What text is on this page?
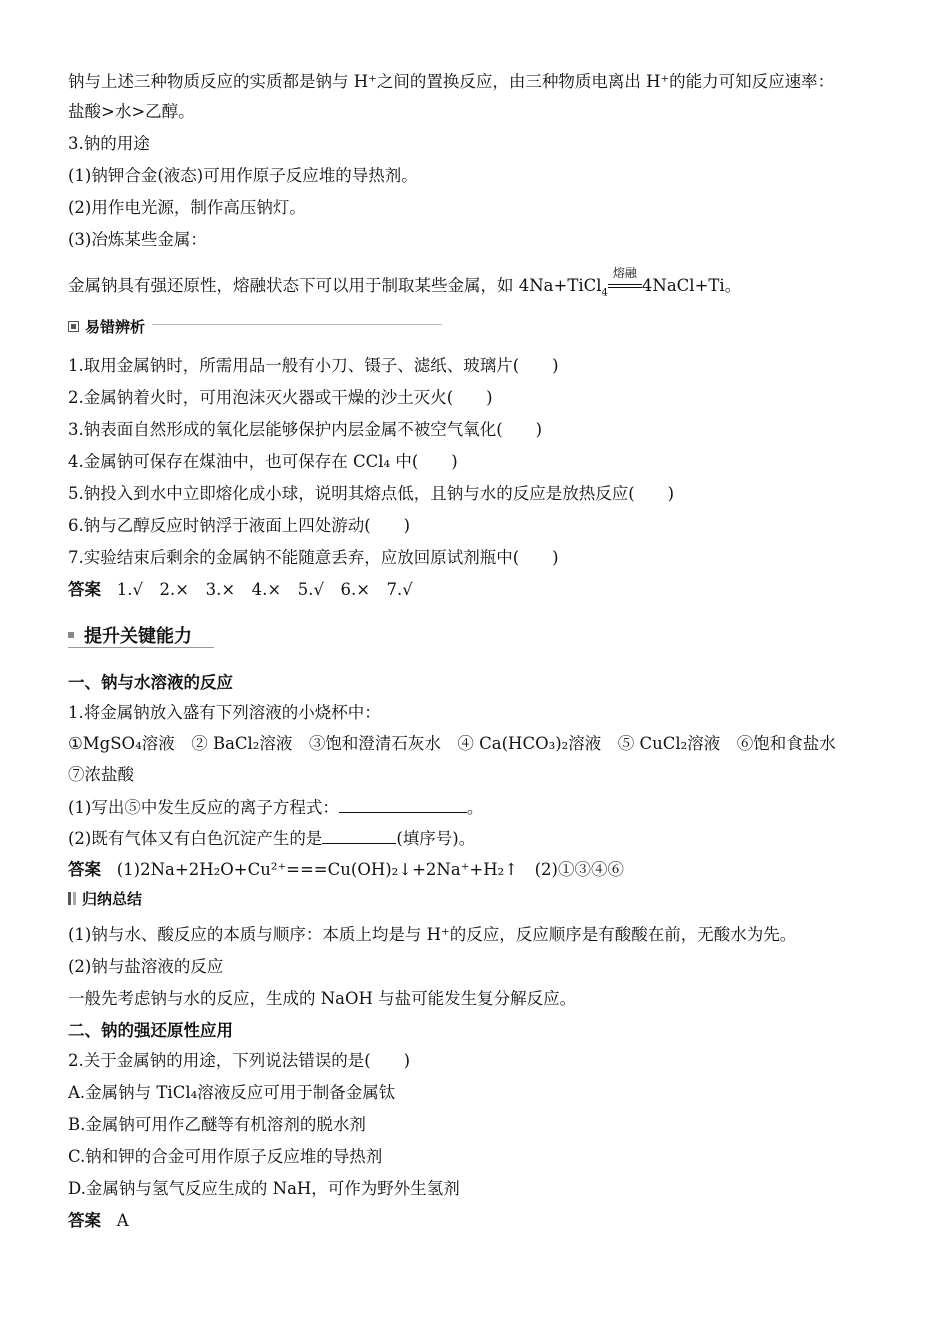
钠与上述三种物质反应的实质都是钠与 H⁺之间的置换反应，由三种物质电离出 H⁺的能力可知反应速率：
盐酸>水>乙醇。
3.钠的用途
(1)钠钾合金(液态)可用作原子反应堆的导热剂。
(2)用作电光源，制作高压钠灯。
(3)冶炼某些金属：
金属钠具有强还原性，熔融状态下可以用于制取某些金属，如 4Na+TiCl$_4$
熔融
4NaCl+Ti。
易错辨析
1.取用金属钠时，所需用品一般有小刀、镊子、滤纸、玻璃片(　　)
2.金属钠着火时，可用泡沫灭火器或干燥的沙土灭火(　　)
3.钠表面自然形成的氧化层能够保护内层金属不被空气氧化(　　)
4.金属钠可保存在煤油中，也可保存在 CCl₄ 中(　　)
5.钠投入到水中立即熔化成小球，说明其熔点低，且钠与水的反应是放热反应(　　)
6.钠与乙醇反应时钠浮于液面上四处游动(　　)
7.实验结束后剩余的金属钠不能随意丢弃，应放回原试剂瓶中(　　)
答案 1.√　2.×　3.×　4.×　5.√　6.×　7.√
提升关键能力
一、钠与水溶液的反应
1.将金属钠放入盛有下列溶液的小烧杯中：
①MgSO₄溶液　② BaCl₂溶液　③饱和澄清石灰水　④ Ca(HCO₃)₂溶液　⑤ CuCl₂溶液　⑥饱和食盐水
⑦浓盐酸
(1)写出⑤中发生反应的离子方程式：	。
(2)既有气体又有白色沉淀产生的是	(填序号)。
答案 (1)2Na+2H₂O+Cu²⁺===Cu(OH)₂↓+2Na⁺+H₂↑　(2)①③④⑥
归纳总结
(1)钠与水、酸反应的本质与顺序：本质上均是与 H⁺的反应，反应顺序是有酸酸在前，无酸水为先。
(2)钠与盐溶液的反应
一般先考虑钠与水的反应，生成的 NaOH 与盐可能发生复分解反应。
二、钠的强还原性应用
2.关于金属钠的用途，下列说法错误的是(　　)
A.金属钠与 TiCl₄溶液反应可用于制备金属钛
B.金属钠可用作乙醚等有机溶剂的脱水剂
C.钠和钾的合金可用作原子反应堆的导热剂
D.金属钠与氢气反应生成的 NaH，可作为野外生氢剂
答案 A
